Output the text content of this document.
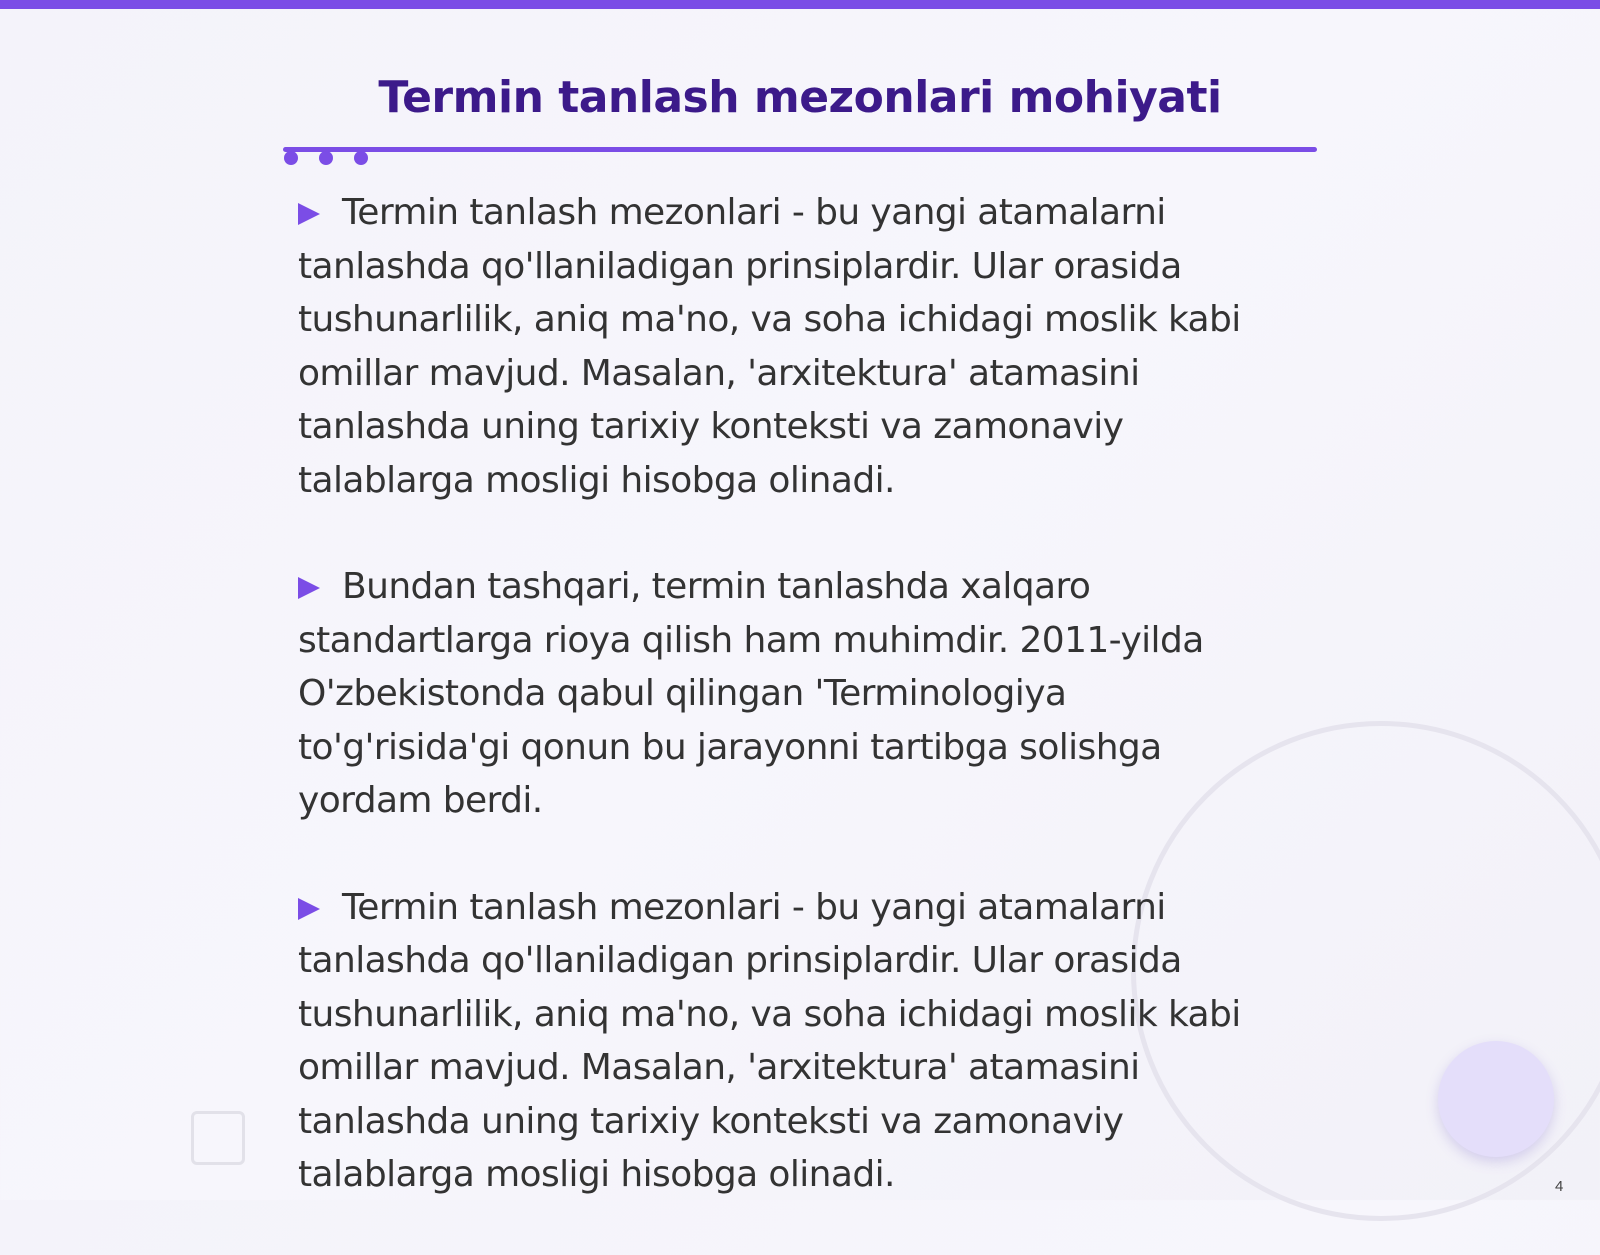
Termin tanlash mezonlari mohiyati
Termin tanlash mezonlari - bu yangi atamalarni tanlashda qo'llaniladigan prinsiplardir. Ular orasida tushunarlilik, aniq ma'no, va soha ichidagi moslik kabi omillar mavjud. Masalan, 'arxitektura' atamasini tanlashda uning tarixiy konteksti va zamonaviy talablarga mosligi hisobga olinadi.
Bundan tashqari, termin tanlashda xalqaro standartlarga rioya qilish ham muhimdir. 2011-yilda O'zbekistonda qabul qilingan 'Terminologiya to'g'risida'gi qonun bu jarayonni tartibga solishga yordam berdi.
Termin tanlash mezonlari - bu yangi atamalarni tanlashda qo'llaniladigan prinsiplardir. Ular orasida tushunarlilik, aniq ma'no, va soha ichidagi moslik kabi omillar mavjud. Masalan, 'arxitektura' atamasini tanlashda uning tarixiy konteksti va zamonaviy talablarga mosligi hisobga olinadi.	4
